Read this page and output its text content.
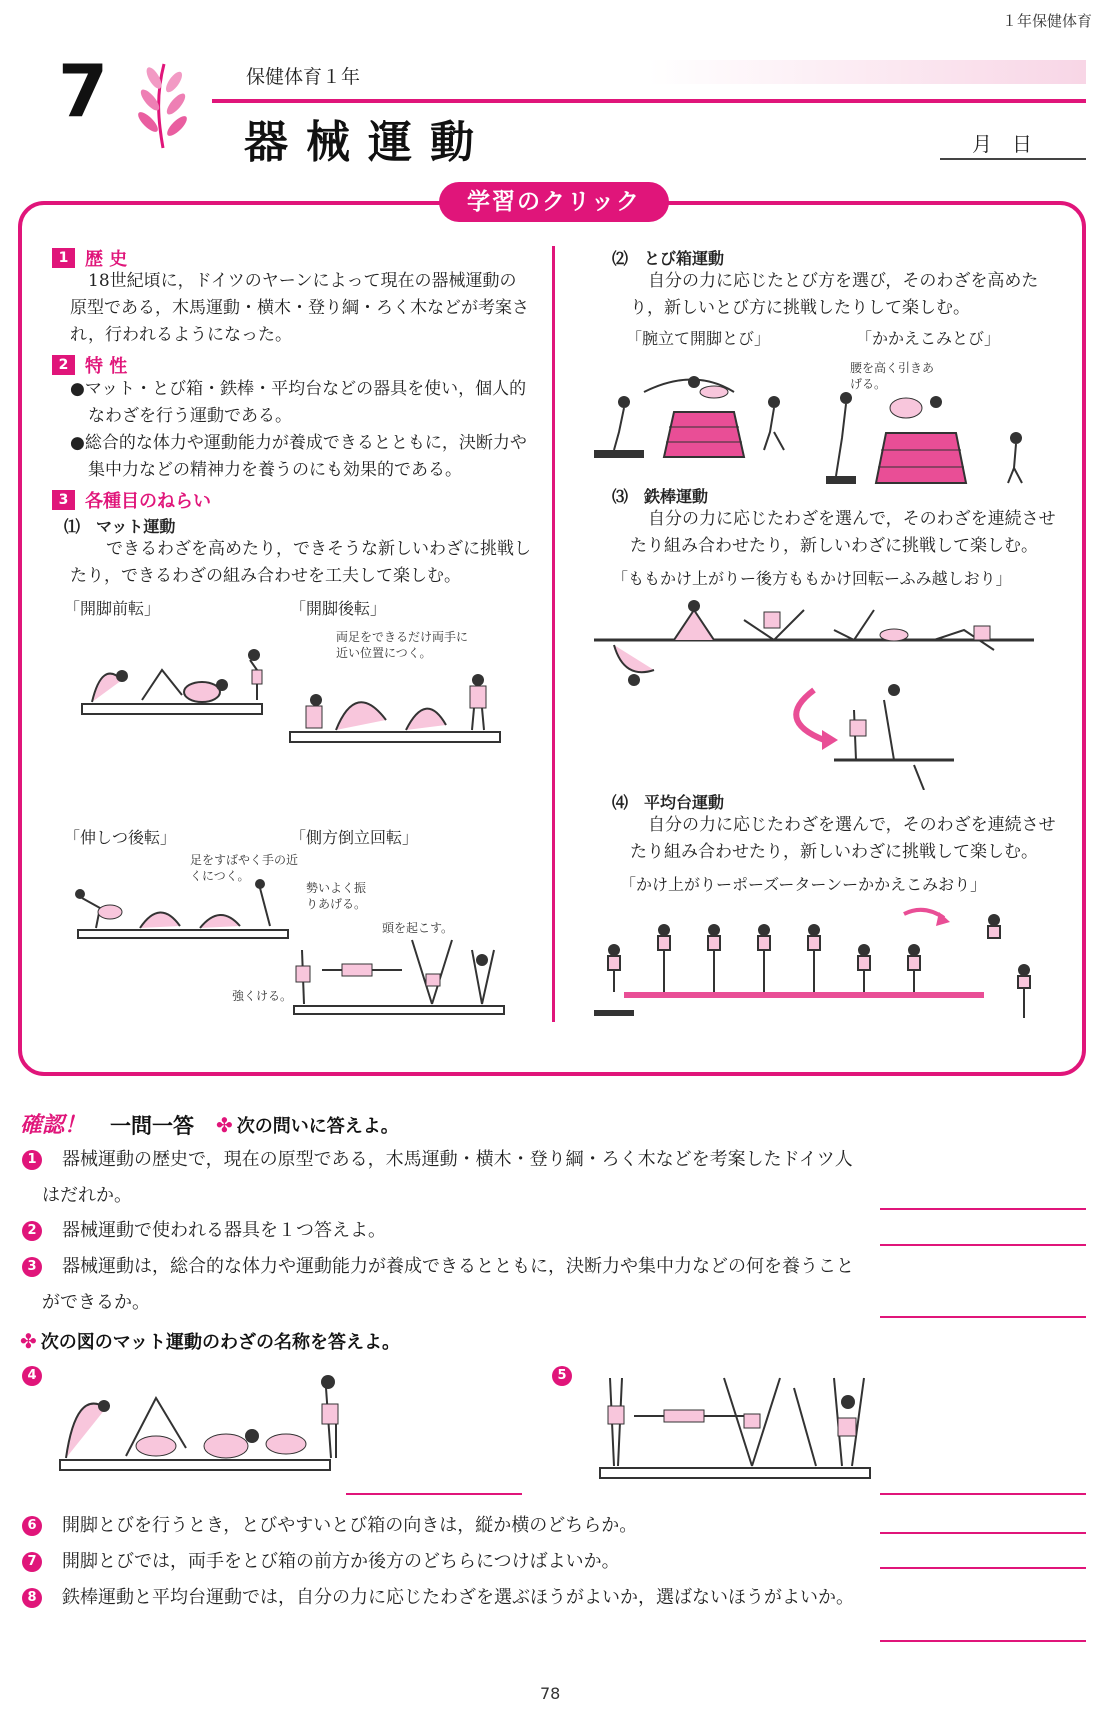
１年保健体育
7	保健体育１年
器械運動	月　日
学習のクリック
1 歴 史
18世紀頃に，ドイツのヤーンによって現在の器械運動の原型である，木馬運動・横木・登り綱・ろく木などが考案され，行われるようになった。
2 特 性
●マット・とび箱・鉄棒・平均台などの器具を使い，個人的なわざを行う運動である。
●総合的な体力や運動能力が養成できるとともに，決断力や集中力などの精神力を養うのにも効果的である。
3 各種目のねらい
⑴　マット運動
できるわざを高めたり，できそうな新しいわざに挑戦したり，できるわざの組み合わせを工夫して楽しむ。
「開脚前転」	「開脚後転」
両足をできるだけ両手に近い位置につく。
「伸しつ後転」	「側方倒立回転」
足をすばやく手の近くにつく。
勢いよく振りあげる。
頭を起こす。
強くける。
⑵　とび箱運動
自分の力に応じたとび方を選び，そのわざを高めたり，新しいとび方に挑戦したりして楽しむ。
「腕立て開脚とび」	「かかえこみとび」
腰を高く引きあげる。
⑶　鉄棒運動
自分の力に応じたわざを選んで，そのわざを連続させたり組み合わせたり，新しいわざに挑戦して楽しむ。
「ももかけ上がりー後方ももかけ回転ーふみ越しおり」
⑷　平均台運動
自分の力に応じたわざを選んで，そのわざを連続させたり組み合わせたり，新しいわざに挑戦して楽しむ。
「かけ上がりーポーズーターンーかかえこみおり」
確認！ 一問一答 ✤ 次の問いに答えよ。
1	器械運動の歴史で，現在の原型である，木馬運動・横木・登り綱・ろく木などを考案したドイツ人はだれか。
2	器械運動で使われる器具を１つ答えよ。
3	器械運動は，総合的な体力や運動能力が養成できるとともに，決断力や集中力などの何を養うことができるか。
✤ 次の図のマット運動のわざの名称を答えよ。
4	5
6	開脚とびを行うとき，とびやすいとび箱の向きは，縦か横のどちらか。
7	開脚とびでは，両手をとび箱の前方か後方のどちらにつけばよいか。
8	鉄棒運動と平均台運動では，自分の力に応じたわざを選ぶほうがよいか，選ばないほうがよいか。
78
